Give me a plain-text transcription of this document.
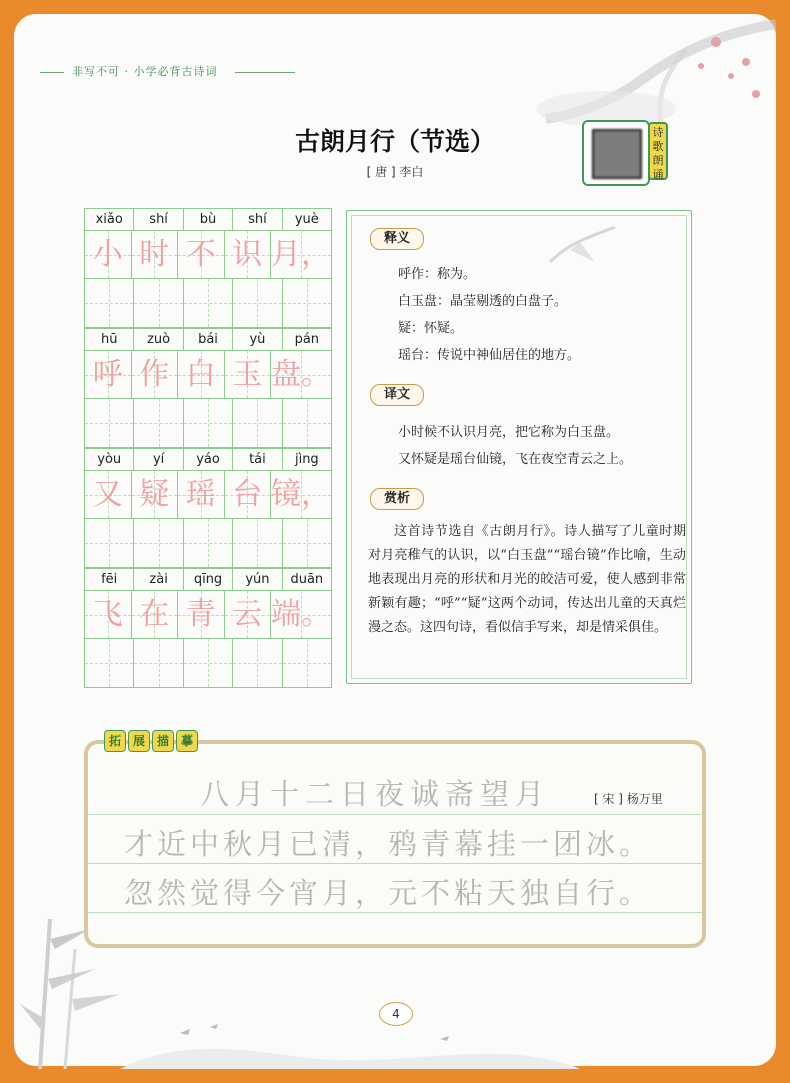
非写不可 · 小学必背古诗词
古朗月行（节选）
[ 唐 ] 李白
诗歌朗诵
xiǎo	shí	bù	shí	yuè
小 时 不 识 月，
hū	zuò	bái	yù	pán
呼 作 白 玉 盘。
yòu	yí	yáo	tái	jìng
又 疑 瑶 台 镜，
fēi	zài	qīng	yún	duān
飞 在 青 云 端。
释义
呼作：称为。
白玉盘：晶莹剔透的白盘子。
疑：怀疑。
瑶台：传说中神仙居住的地方。
译文
小时候不认识月亮，把它称为白玉盘。
又怀疑是瑶台仙镜，飞在夜空青云之上。
赏析
这首诗节选自《古朗月行》。诗人描写了儿童时期对月亮稚气的认识，以“白玉盘”“瑶台镜”作比喻，生动地表现出月亮的形状和月光的皎洁可爱，使人感到非常新颖有趣；“呼”“疑”这两个动词，传达出儿童的天真烂漫之态。这四句诗，看似信手写来，却是情采俱佳。
拓 展 描 摹
八月十二日夜诚斋望月	[ 宋 ] 杨万里
才近中秋月已清，鸦青幕挂一团冰。
忽然觉得今宵月，元不粘天独自行。
4
